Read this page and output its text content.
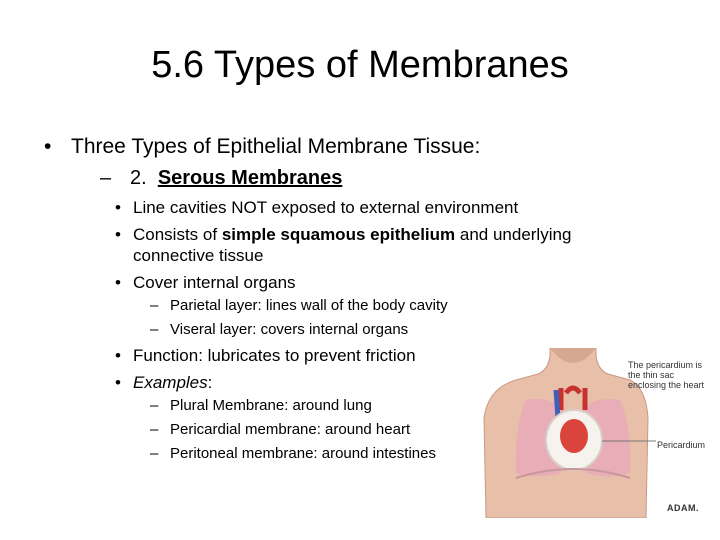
5.6 Types of Membranes
• Three Types of Epithelial Membrane Tissue:
– 2. Serous Membranes
• Line cavities NOT exposed to external environment
• Consists of simple squamous epithelium and underlying
connective tissue
• Cover internal organs
– Parietal layer: lines wall of the body cavity
– Viseral layer: covers internal organs
• Function: lubricates to prevent friction
• Examples:
– Plural Membrane: around lung
– Pericardial membrane: around heart
– Peritoneal membrane: around intestines
The pericardium is
the thin sac
enclosing the heart
Pericardium
ADAM.
